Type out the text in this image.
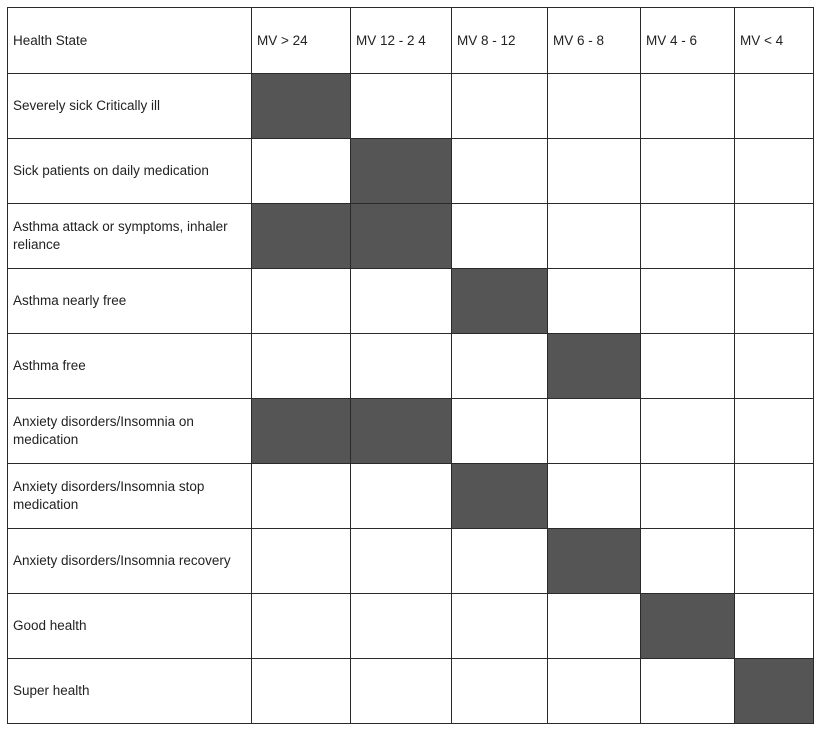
Health State	MV > 24	MV 12 - 2 4	MV 8 - 12	MV 6 - 8	MV 4 - 6	MV < 4
Severely sick Critically ill						
Sick patients on daily medication						
Asthma attack or symptoms, inhaler reliance						
Asthma nearly free						
Asthma free						
Anxiety disorders/Insomnia on medication						
Anxiety disorders/Insomnia stop medication						
Anxiety disorders/Insomnia recovery						
Good health						
Super health						
